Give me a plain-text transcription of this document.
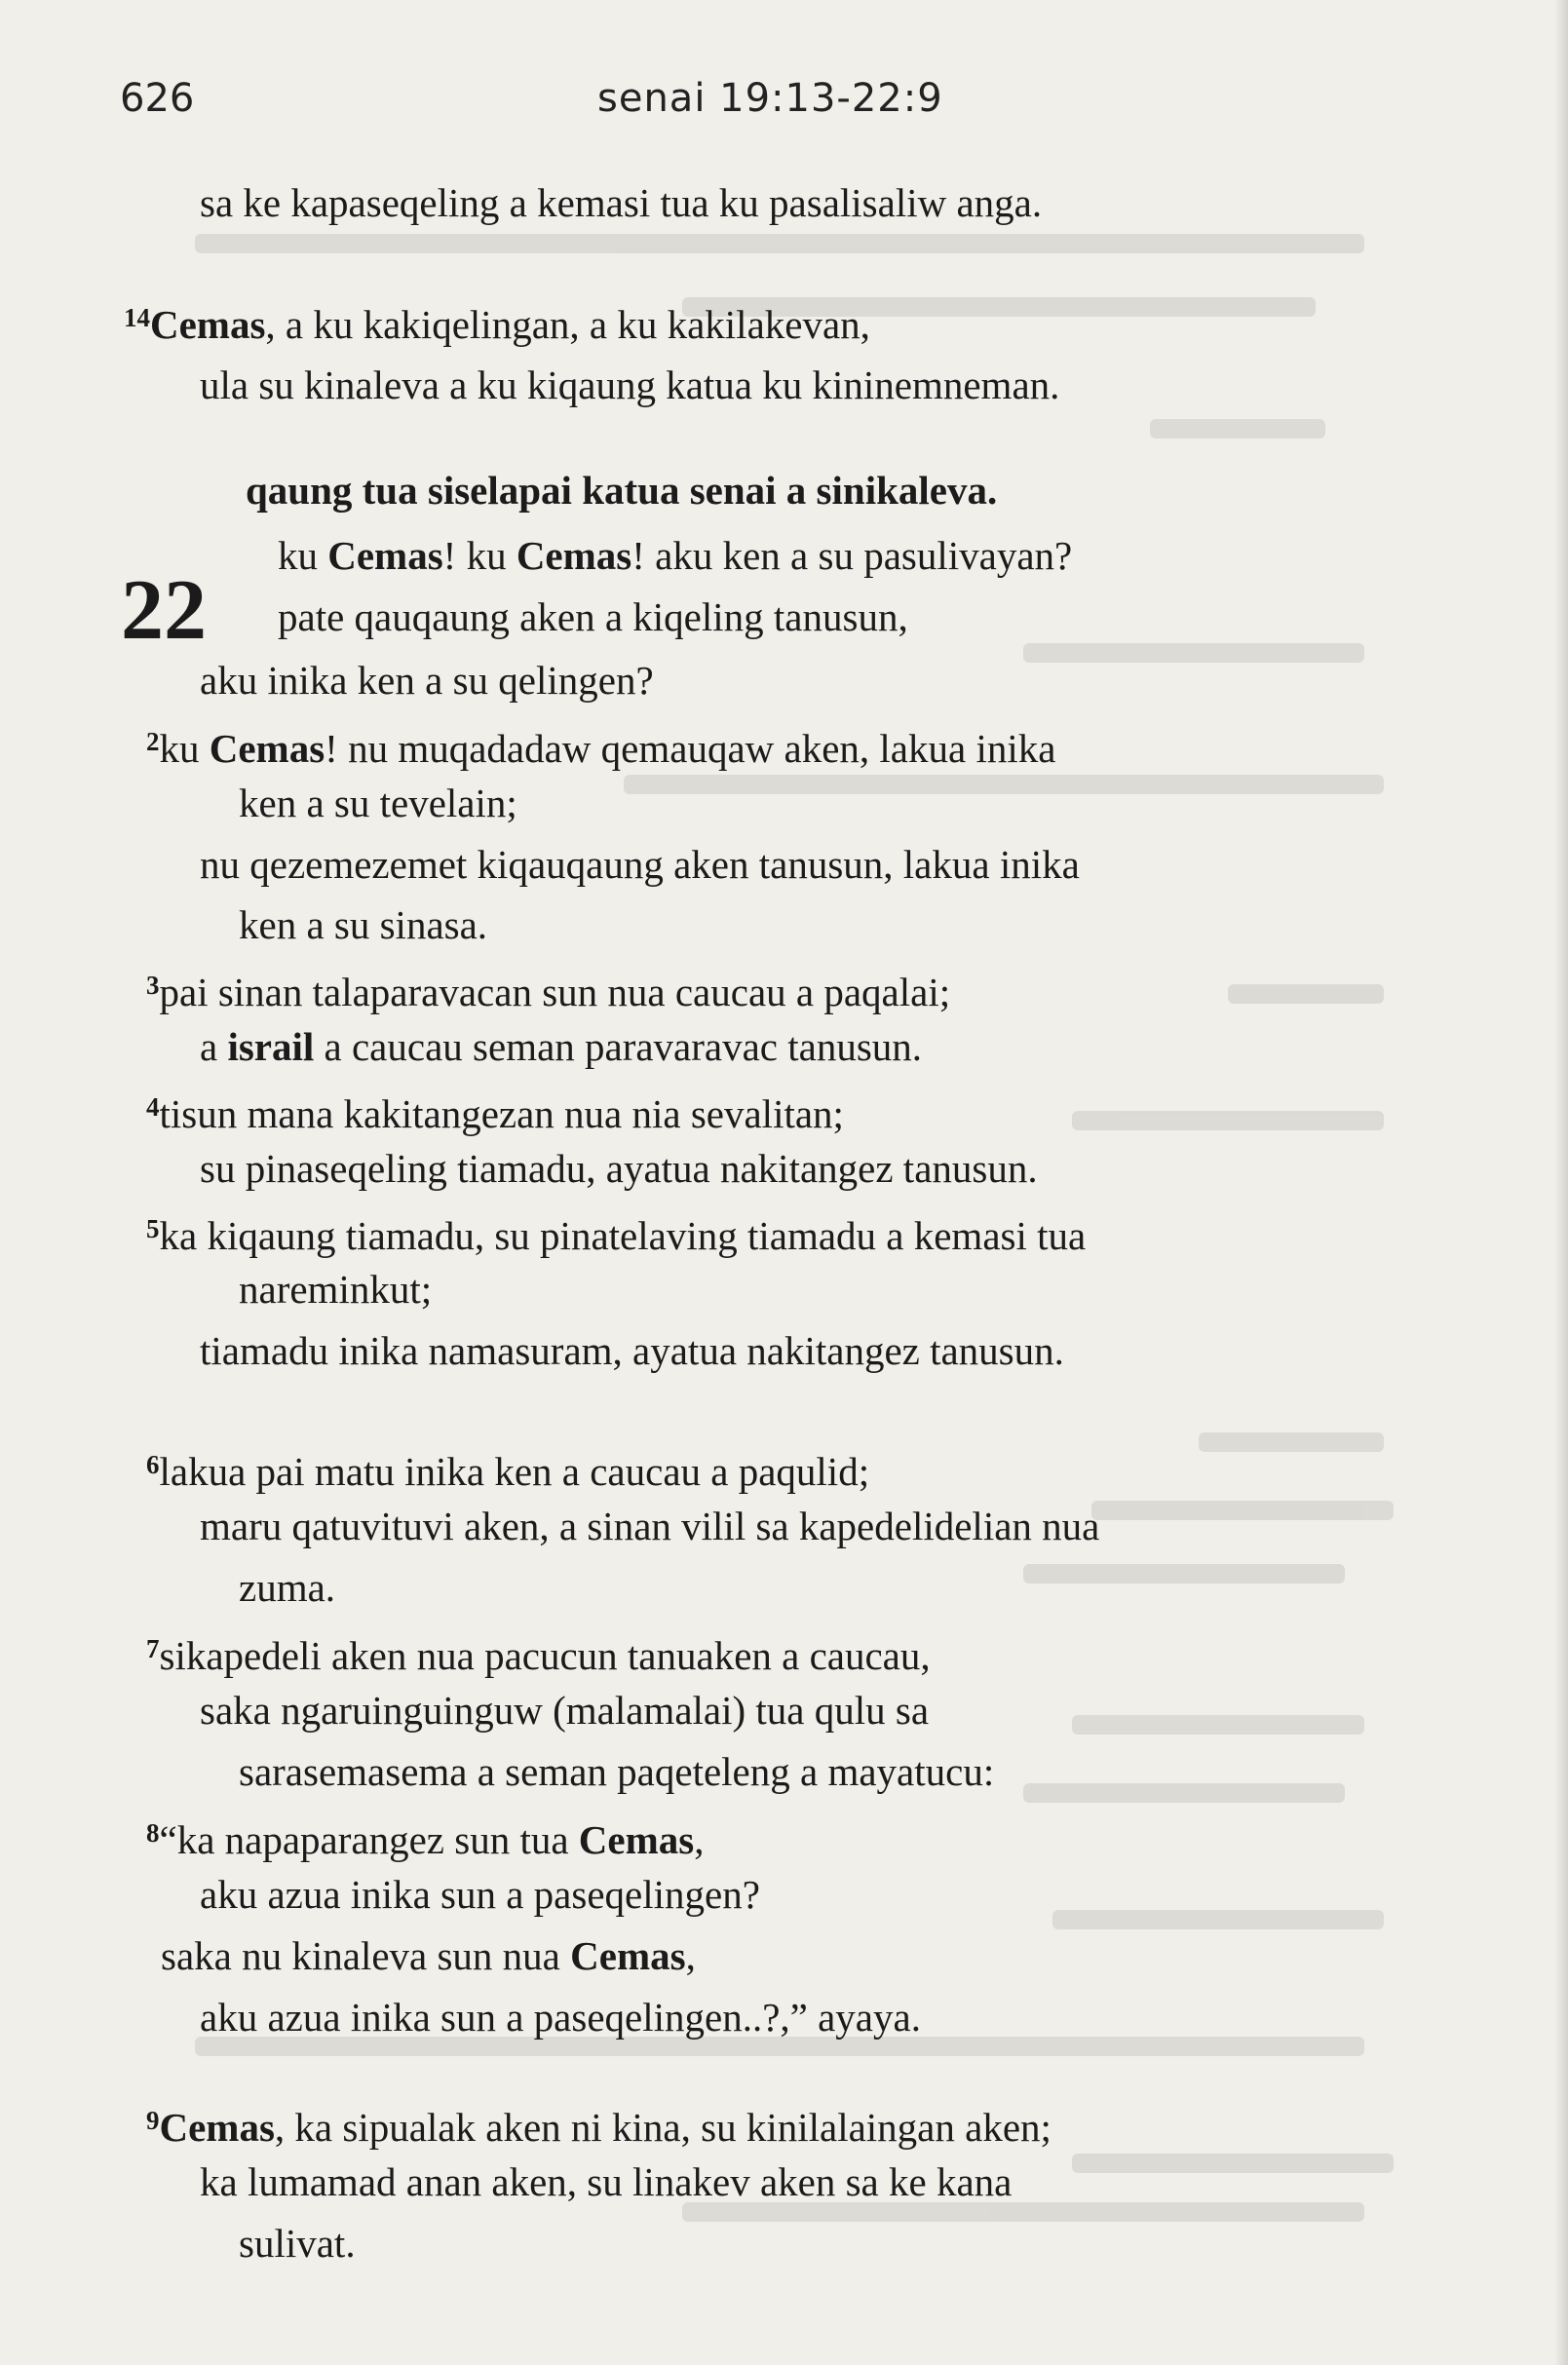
626	senai 19:13-22:9
sa ke kapaseqeling a kemasi tua ku pasalisaliw anga.
$^{14}$Cemas, a ku kakiqelingan, a ku kakilakevan,
ula su kinaleva a ku kiqaung katua ku kininemneman.
qaung tua siselapai katua senai a sinikaleva.
22
ku Cemas! ku Cemas! aku ken a su pasulivayan?
pate qauqaung aken a kiqeling tanusun,
aku inika ken a su qelingen?
$^2$ku Cemas! nu muqadadaw qemauqaw aken, lakua inika
ken a su tevelain;
nu qezemezemet kiqauqaung aken tanusun, lakua inika
ken a su sinasa.
$^3$pai sinan talaparavacan sun nua caucau a paqalai;
a israil a caucau seman paravaravac tanusun.
$^4$tisun mana kakitangezan nua nia sevalitan;
su pinaseqeling tiamadu, ayatua nakitangez tanusun.
$^5$ka kiqaung tiamadu, su pinatelaving tiamadu a kemasi tua
nareminkut;
tiamadu inika namasuram, ayatua nakitangez tanusun.
$^6$lakua pai matu inika ken a caucau a paqulid;
maru qatuvituvi aken, a sinan vilil sa kapedelidelian nua
zuma.
$^7$sikapedeli aken nua pacucun tanuaken a caucau,
saka ngaruinguinguw (malamalai) tua qulu sa
sarasemasema a seman paqeteleng a mayatucu:
$^8$“ka napaparangez sun tua Cemas,
aku azua inika sun a paseqelingen?
saka nu kinaleva sun nua Cemas,
aku azua inika sun a paseqelingen..?,” ayaya.
$^9$Cemas, ka sipualak aken ni kina, su kinilalaingan aken;
ka lumamad anan aken, su linakev aken sa ke kana
sulivat.
